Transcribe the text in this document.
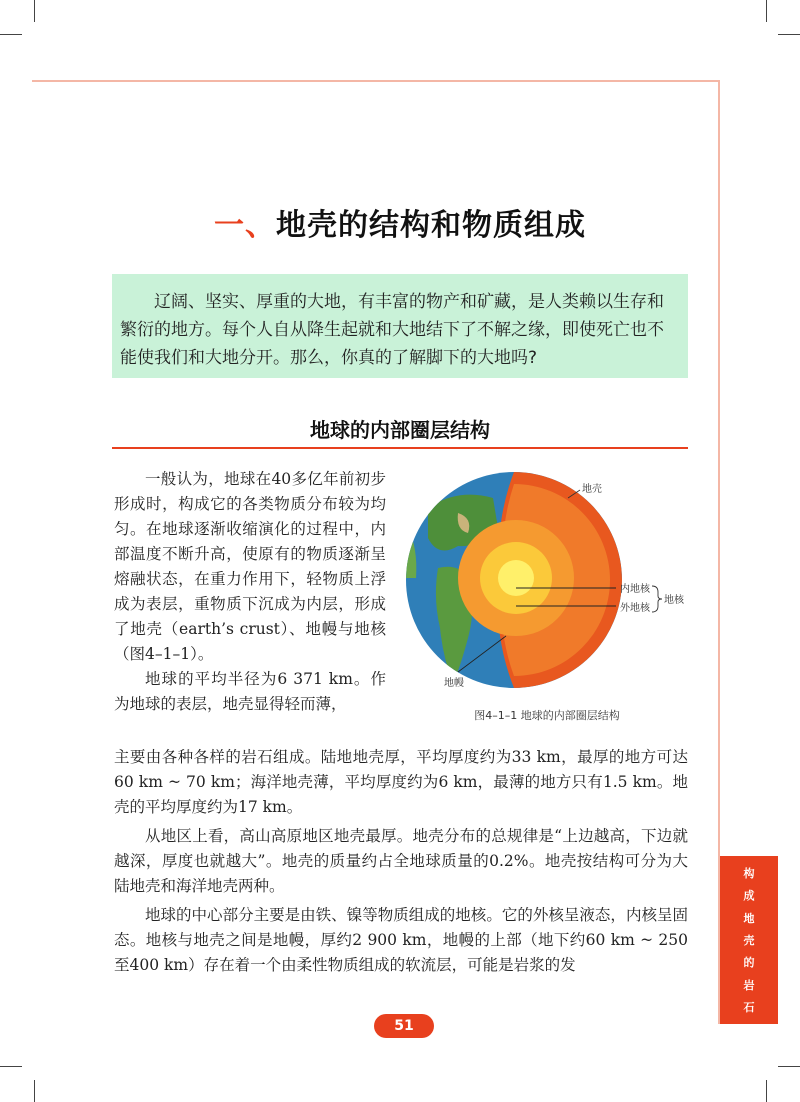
一、地壳的结构和物质组成
辽阔、坚实、厚重的大地，有丰富的物产和矿藏，是人类赖以生存和繁衍的地方。每个人自从降生起就和大地结下了不解之缘，即使死亡也不能使我们和大地分开。那么，你真的了解脚下的大地吗?
地球的内部圈层结构

一般认为，地球在40多亿年前初步形成时，构成它的各类物质分布较为均匀。在地球逐渐收缩演化的过程中，内部温度不断升高，使原有的物质逐渐呈熔融状态，在重力作用下，轻物质上浮成为表层，重物质下沉成为内层，形成了地壳（earth’s crust）、地幔与地核（图4–1–1）。

地球的平均半径为6 371 km。作为地球的表层，地壳显得轻而薄，

地壳
内地核
外地核
地核
地幔
图4–1–1 地球的内部圈层结构

主要由各种各样的岩石组成。陆地地壳厚，平均厚度约为33 km，最厚的地方可达60 km ~ 70 km；海洋地壳薄，平均厚度约为6 km，最薄的地方只有1.5 km。地壳的平均厚度约为17 km。

从地区上看，高山高原地区地壳最厚。地壳分布的总规律是“上边越高，下边就越深，厚度也就越大”。地壳的质量约占全地球质量的0.2%。地壳按结构可分为大陆地壳和海洋地壳两种。

地球的中心部分主要是由铁、镍等物质组成的地核。它的外核呈液态，内核呈固态。地核与地壳之间是地幔，厚约2 900 km，地幔的上部（地下约60 km ~ 250至400 km）存在着一个由柔性物质组成的软流层，可能是岩浆的发

构
成
地
壳
的
岩
石
51
